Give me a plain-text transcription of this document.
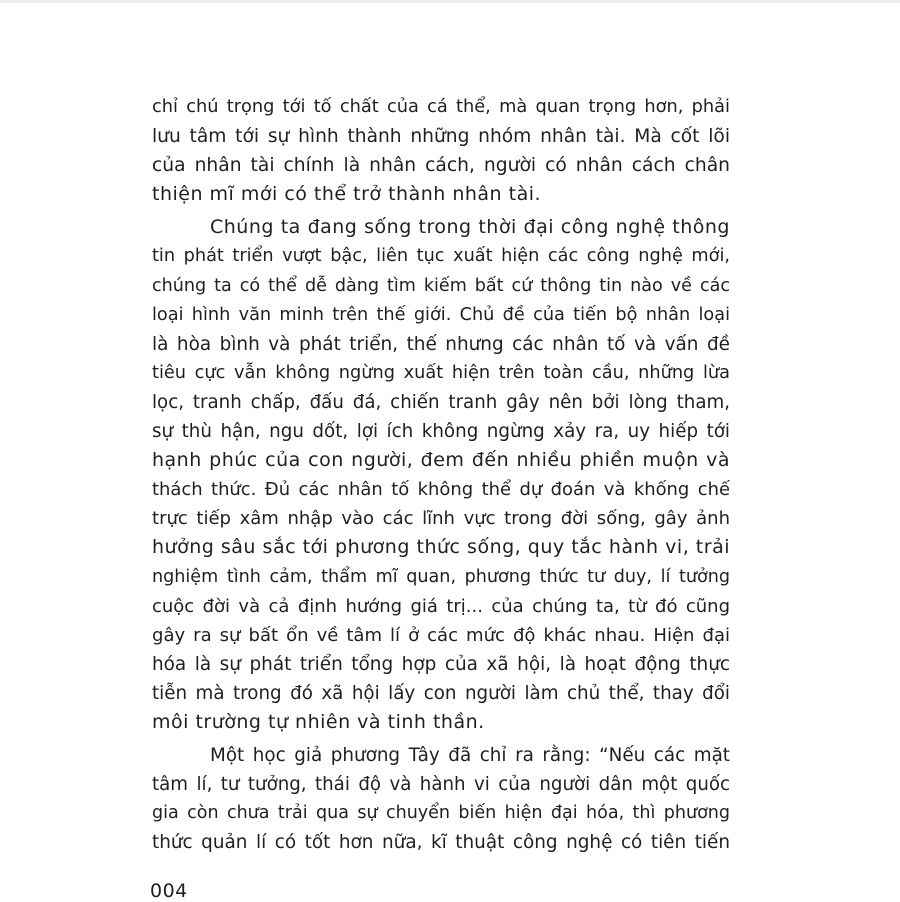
chỉ chú trọng tới tố chất của cá thể, mà quan trọng hơn, phải
lưu tâm tới sự hình thành những nhóm nhân tài. Mà cốt lõi
của nhân tài chính là nhân cách, người có nhân cách chân
thiện mĩ mới có thể trở thành nhân tài.
Chúng ta đang sống trong thời đại công nghệ thông
tin phát triển vượt bậc, liên tục xuất hiện các công nghệ mới,
chúng ta có thể dễ dàng tìm kiếm bất cứ thông tin nào về các
loại hình văn minh trên thế giới. Chủ đề của tiến bộ nhân loại
là hòa bình và phát triển, thế nhưng các nhân tố và vấn đề
tiêu cực vẫn không ngừng xuất hiện trên toàn cầu, những lừa
lọc, tranh chấp, đấu đá, chiến tranh gây nên bởi lòng tham,
sự thù hận, ngu dốt, lợi ích không ngừng xảy ra, uy hiếp tới
hạnh phúc của con người, đem đến nhiều phiền muộn và
thách thức. Đủ các nhân tố không thể dự đoán và khống chế
trực tiếp xâm nhập vào các lĩnh vực trong đời sống, gây ảnh
hưởng sâu sắc tới phương thức sống, quy tắc hành vi, trải
nghiệm tình cảm, thẩm mĩ quan, phương thức tư duy, lí tưởng
cuộc đời và cả định hướng giá trị... của chúng ta, từ đó cũng
gây ra sự bất ổn về tâm lí ở các mức độ khác nhau. Hiện đại
hóa là sự phát triển tổng hợp của xã hội, là hoạt động thực
tiễn mà trong đó xã hội lấy con người làm chủ thể, thay đổi
môi trường tự nhiên và tinh thần.
Một học giả phương Tây đã chỉ ra rằng: “Nếu các mặt
tâm lí, tư tưởng, thái độ và hành vi của người dân một quốc
gia còn chưa trải qua sự chuyển biến hiện đại hóa, thì phương
thức quản lí có tốt hơn nữa, kĩ thuật công nghệ có tiên tiến
004
